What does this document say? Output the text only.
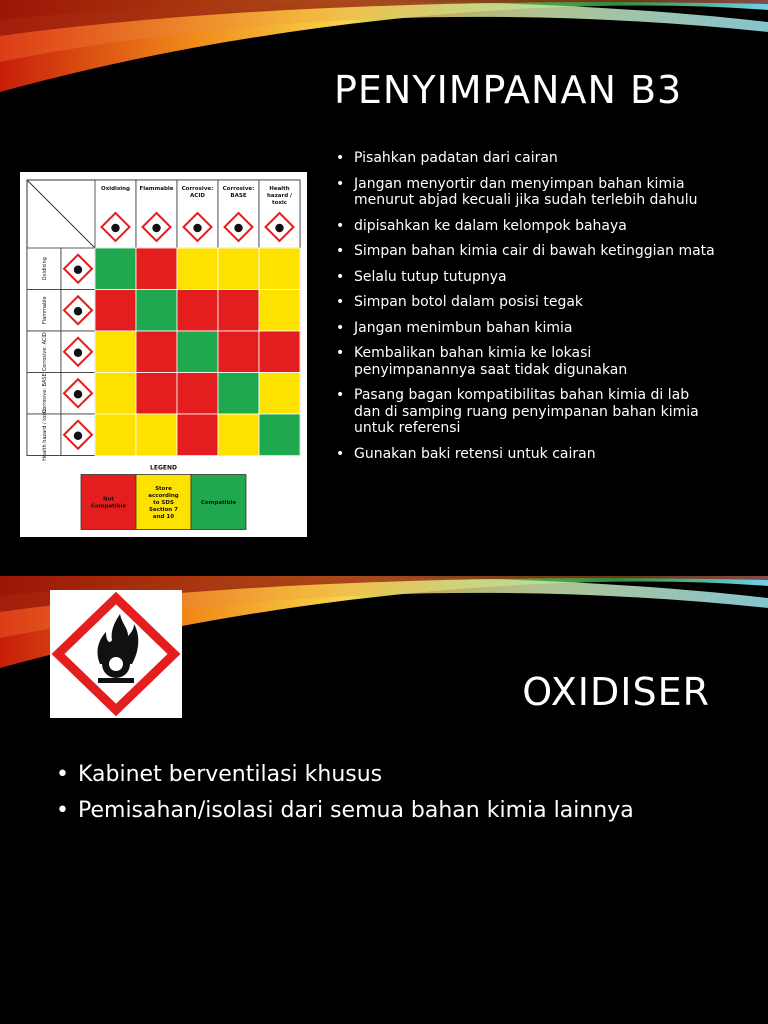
PENYIMPANAN B3
Oxidising Flammable Corrosive:
ACID
Corrosive:
BASE
Health
hazard /
toxic
Oxidising
Flammable
Corrosive: ACID
Corrosive: BASE
Health hazard / toxic
LEGEND
Not
Compatible
Store
according
to SDS
Section 7
and 10
Compatible
• Pisahkan padatan dari cairan
• Jangan menyortir dan menyimpan bahan kimia menurut abjad kecuali jika sudah terlebih dahulu
• dipisahkan ke dalam kelompok bahaya
• Simpan bahan kimia cair di bawah ketinggian mata
• Selalu tutup tutupnya
• Simpan botol dalam posisi tegak
• Jangan menimbun bahan kimia
• Kembalikan bahan kimia ke lokasi penyimpanannya saat tidak digunakan
• Pasang bagan kompatibilitas bahan kimia di lab dan di samping ruang penyimpanan bahan kimia untuk referensi
• Gunakan baki retensi untuk cairan
OXIDISER
• Kabinet berventilasi khusus
• Pemisahan/isolasi dari semua bahan kimia lainnya
